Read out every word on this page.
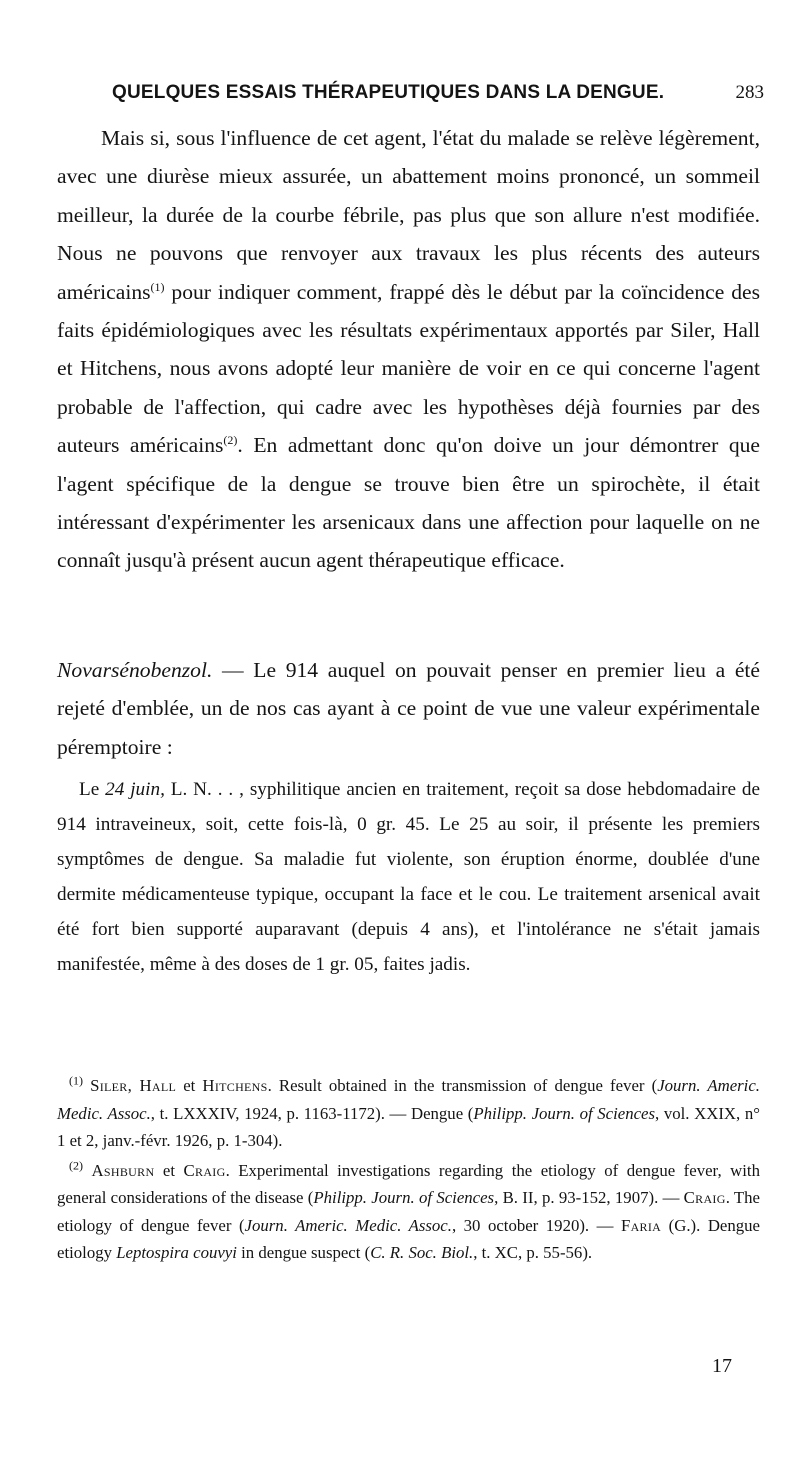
QUELQUES ESSAIS THÉRAPEUTIQUES DANS LA DENGUE.	283

Mais si, sous l'influence de cet agent, l'état du malade se relève légèrement, avec une diurèse mieux assurée, un abattement moins prononcé, un sommeil meilleur, la durée de la courbe fébrile, pas plus que son allure n'est modifiée. Nous ne pouvons que renvoyer aux travaux les plus récents des auteurs américains$^{(1)}$ pour indiquer comment, frappé dès le début par la coïncidence des faits épidémiologiques avec les résultats expérimentaux apportés par Siler, Hall et Hitchens, nous avons adopté leur manière de voir en ce qui concerne l'agent probable de l'affection, qui cadre avec les hypothèses déjà fournies par des auteurs américains$^{(2)}$. En admettant donc qu'on doive un jour démontrer que l'agent spécifique de la dengue se trouve bien être un spirochète, il était intéressant d'expérimenter les arsenicaux dans une affection pour laquelle on ne connaît jusqu'à présent aucun agent thérapeutique efficace.

Novarsénobenzol. — Le 914 auquel on pouvait penser en premier lieu a été rejeté d'emblée, un de nos cas ayant à ce point de vue une valeur expérimentale péremptoire :

Le 24 juin, L. N. . . , syphilitique ancien en traitement, reçoit sa dose hebdomadaire de 914 intraveineux, soit, cette fois-là, 0 gr. 45. Le 25 au soir, il présente les premiers symptômes de dengue. Sa maladie fut violente, son éruption énorme, doublée d'une dermite médicamenteuse typique, occupant la face et le cou. Le traitement arsenical avait été fort bien supporté auparavant (depuis 4 ans), et l'intolérance ne s'était jamais manifestée, même à des doses de 1 gr. 05, faites jadis.

$^{(1)}$ Siler, Hall et Hitchens. Result obtained in the transmission of dengue fever (Journ. Americ. Medic. Assoc., t. LXXXIV, 1924, p. 1163-1172). — Dengue (Philipp. Journ. of Sciences, vol. XXIX, n° 1 et 2, janv.-févr. 1926, p. 1-304).

$^{(2)}$ Ashburn et Craig. Experimental investigations regarding the etiology of dengue fever, with general considerations of the disease (Philipp. Journ. of Sciences, B. II, p. 93-152, 1907). — Craig. The etiology of dengue fever (Journ. Americ. Medic. Assoc., 30 october 1920). — Faria (G.). Dengue etiology Leptospira couvyi in dengue suspect (C. R. Soc. Biol., t. XC, p. 55-56).

17
